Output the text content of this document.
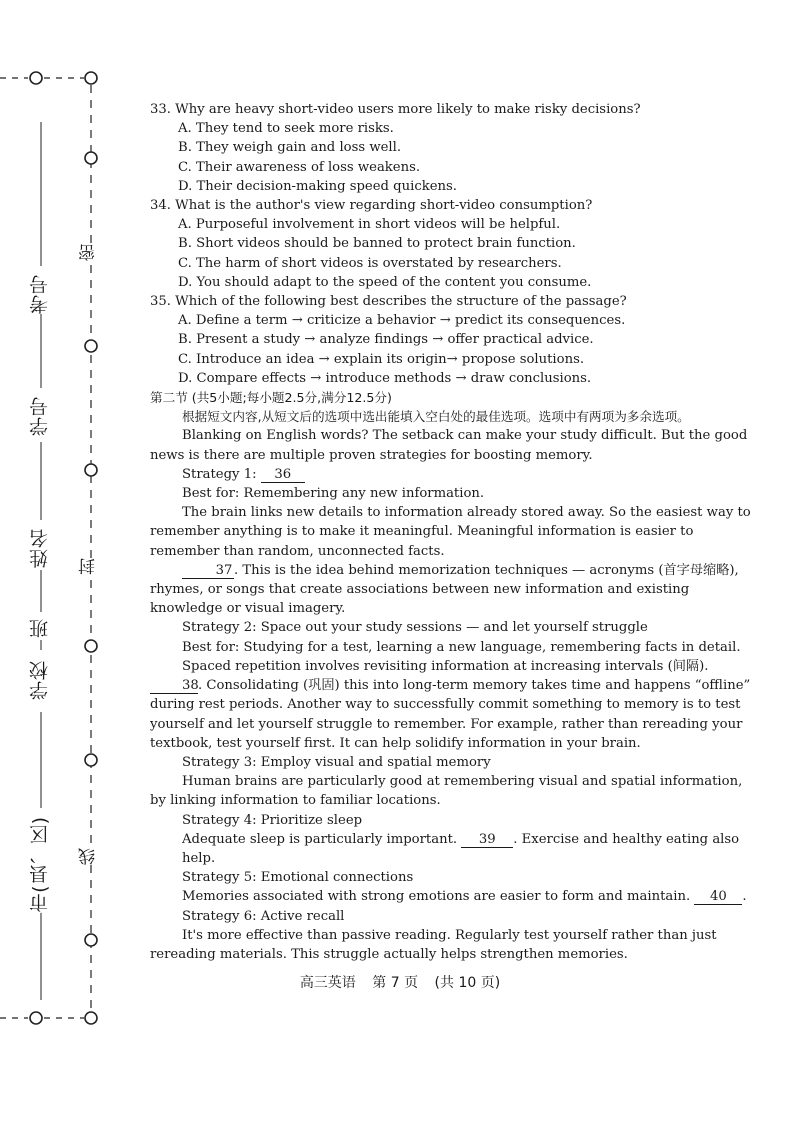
考号
学号
姓名
班
学校
市(县、区)
密
封
线

33. Why are heavy short-video users more likely to make risky decisions?

A. They tend to seek more risks.

B. They weigh gain and loss well.

C. Their awareness of loss weakens.

D. Their decision-making speed quickens.

34. What is the author's view regarding short-video consumption?

A. Purposeful involvement in short videos will be helpful.

B. Short videos should be banned to protect brain function.

C. The harm of short videos is overstated by researchers.

D. You should adapt to the speed of the content you consume.

35. Which of the following best describes the structure of the passage?

A. Define a term → criticize a behavior → predict its consequences.

B. Present a study → analyze findings → offer practical advice.

C. Introduce an idea → explain its origin→ propose solutions.

D. Compare effects → introduce methods → draw conclusions.

第二节 (共5小题;每小题2.5分,满分12.5分)

根据短文内容,从短文后的选项中选出能填入空白处的最佳选项。选项中有两项为多余选项。

Blanking on English words? The setback can make your study difficult. But the good news is there are multiple proven strategies for boosting memory.

Strategy 1: 36

Best for: Remembering any new information.

The brain links new details to information already stored away. So the easiest way to remember anything is to make it meaningful. Meaningful information is easier to remember than random, unconnected facts.

37 . This is the idea behind memorization techniques — acronyms (首字母缩略), rhymes, or songs that create associations between new information and existing knowledge or visual imagery.

Strategy 2: Space out your study sessions — and let yourself struggle

Best for: Studying for a test, learning a new language, remembering facts in detail.

Spaced repetition involves revisiting information at increasing intervals (间隔). 38. Consolidating (巩固) this into long-term memory takes time and happens “offline” during rest periods. Another way to successfully commit something to memory is to test yourself and let yourself struggle to remember. For example, rather than rereading your textbook, test yourself first. It can help solidify information in your brain.

Strategy 3: Employ visual and spatial memory

Human brains are particularly good at remembering visual and spatial information, by linking information to familiar locations.

Strategy 4: Prioritize sleep

Adequate sleep is particularly important. 39 . Exercise and healthy eating also help.

Strategy 5: Emotional connections

Memories associated with strong emotions are easier to form and maintain. 40 .

Strategy 6: Active recall

It's more effective than passive reading. Regularly test yourself rather than just rereading materials. This struggle actually helps strengthen memories.

高三英语 第 7 页 (共 10 页)
